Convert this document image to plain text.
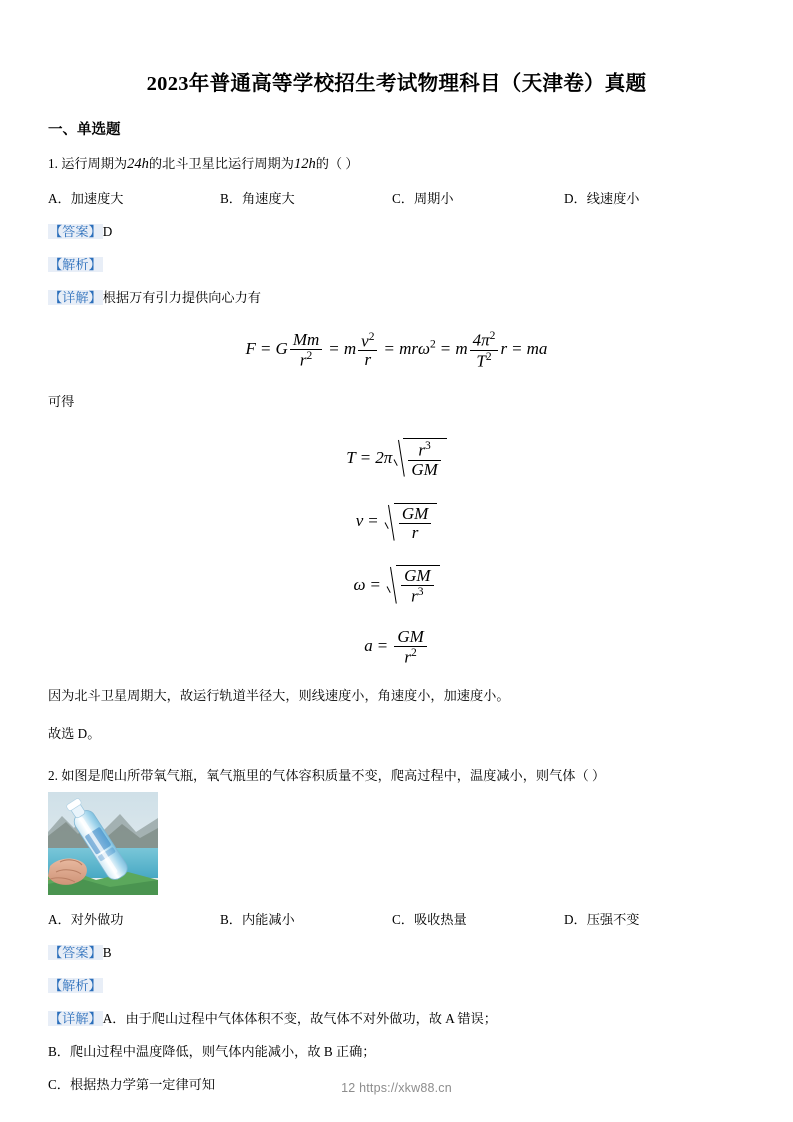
2023年普通高等学校招生考试物理科目（天津卷）真题
一、单选题
1. 运行周期为24h的北斗卫星比运行周期为12h的（ ）
A．加速度大	B．角速度大	C．周期小	D．线速度小
【答案】D
【解析】
【详解】根据万有引力提供向心力有
F = G $\frac{Mm}{r^2} = m \frac{v^2}{r} = mr\omega^2 = m \frac{4\pi^2}{T^2}$ r = ma
可得
$T = 2\pi \frac{r^3}{GM}$
$v = \frac{GM}{r}$
$\omega = \frac{GM}{r^3}$
$a = \frac{GM}{r^2}$
因为北斗卫星周期大，故运行轨道半径大，则线速度小，角速度小，加速度小。
故选 D。
2. 如图是爬山所带氧气瓶，氧气瓶里的气体容积质量不变，爬高过程中，温度减小，则气体（ ）
A．对外做功	B．内能减小	C．吸收热量	D．压强不变
【答案】B
【解析】
【详解】A．由于爬山过程中气体体积不变，故气体不对外做功，故 A 错误；
B．爬山过程中温度降低，则气体内能减小，故 B 正确；
C．根据热力学第一定律可知	12 https://xkw88.cn
